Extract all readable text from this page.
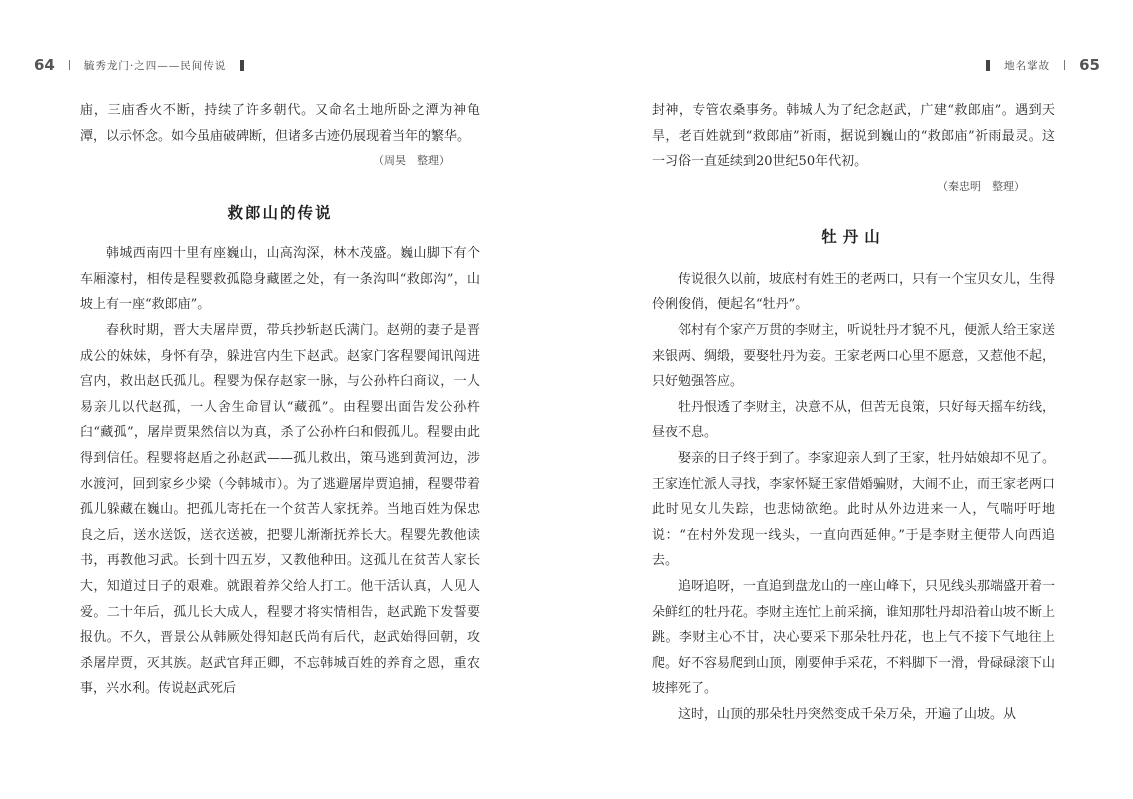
64	毓秀龙门·之四——民间传说

庙，三庙香火不断，持续了许多朝代。又命名土地所卧之潭为神龟潭，以示怀念。如今虽庙破碑断，但诸多古迹仍展现着当年的繁华。

（周昊　整理）

救郎山的传说

韩城西南四十里有座巍山，山高沟深，林木茂盛。巍山脚下有个车厢濠村，相传是程婴救孤隐身藏匿之处，有一条沟叫“救郎沟”，山坡上有一座“救郎庙”。

春秋时期，晋大夫屠岸贾，带兵抄斩赵氏满门。赵朔的妻子是晋成公的妹妹，身怀有孕，躲进宫内生下赵武。赵家门客程婴闻讯闯进宫内，救出赵氏孤儿。程婴为保存赵家一脉，与公孙杵臼商议，一人易亲儿以代赵孤，一人舍生命冒认“藏孤”。由程婴出面告发公孙杵臼“藏孤”，屠岸贾果然信以为真，杀了公孙杵臼和假孤儿。程婴由此得到信任。程婴将赵盾之孙赵武——孤儿救出，策马逃到黄河边，涉水渡河，回到家乡少梁（今韩城市）。为了逃避屠岸贾追捕，程婴带着孤儿躲藏在巍山。把孤儿寄托在一个贫苦人家抚养。当地百姓为保忠良之后，送水送饭，送衣送被，把婴儿渐渐抚养长大。程婴先教他读书，再教他习武。长到十四五岁，又教他种田。这孤儿在贫苦人家长大，知道过日子的艰难。就跟着养父给人打工。他干活认真，人见人爱。二十年后，孤儿长大成人，程婴才将实情相告，赵武跪下发誓要报仇。不久，晋景公从韩厥处得知赵氏尚有后代，赵武始得回朝，攻杀屠岸贾，灭其族。赵武官拜正卿，不忘韩城百姓的养育之恩，重农事，兴水利。传说赵武死后

地名掌故 65

封神，专管农桑事务。韩城人为了纪念赵武，广建“救郎庙”。遇到天旱，老百姓就到“救郎庙”祈雨，据说到巍山的“救郎庙”祈雨最灵。这一习俗一直延续到20世纪50年代初。

（秦忠明　整理）

牡丹山

传说很久以前，坡底村有姓王的老两口，只有一个宝贝女儿，生得伶俐俊俏，便起名“牡丹”。

邻村有个家产万贯的李财主，听说牡丹才貌不凡，便派人给王家送来银两、绸缎，要娶牡丹为妾。王家老两口心里不愿意，又惹他不起，只好勉强答应。

牡丹恨透了李财主，决意不从，但苦无良策，只好每天摇车纺线，昼夜不息。

娶亲的日子终于到了。李家迎亲人到了王家，牡丹姑娘却不见了。王家连忙派人寻找，李家怀疑王家借婚骗财，大闹不止，而王家老两口此时见女儿失踪，也悲恸欲绝。此时从外边进来一人，气喘吁吁地说：“在村外发现一线头，一直向西延伸。”于是李财主便带人向西追去。

追呀追呀，一直追到盘龙山的一座山峰下，只见线头那端盛开着一朵鲜红的牡丹花。李财主连忙上前采摘，谁知那牡丹却沿着山坡不断上跳。李财主心不甘，决心要采下那朵牡丹花，也上气不接下气地往上爬。好不容易爬到山顶，刚要伸手采花，不料脚下一滑，骨碌碌滚下山坡摔死了。

这时，山顶的那朵牡丹突然变成千朵万朵，开遍了山坡。从
